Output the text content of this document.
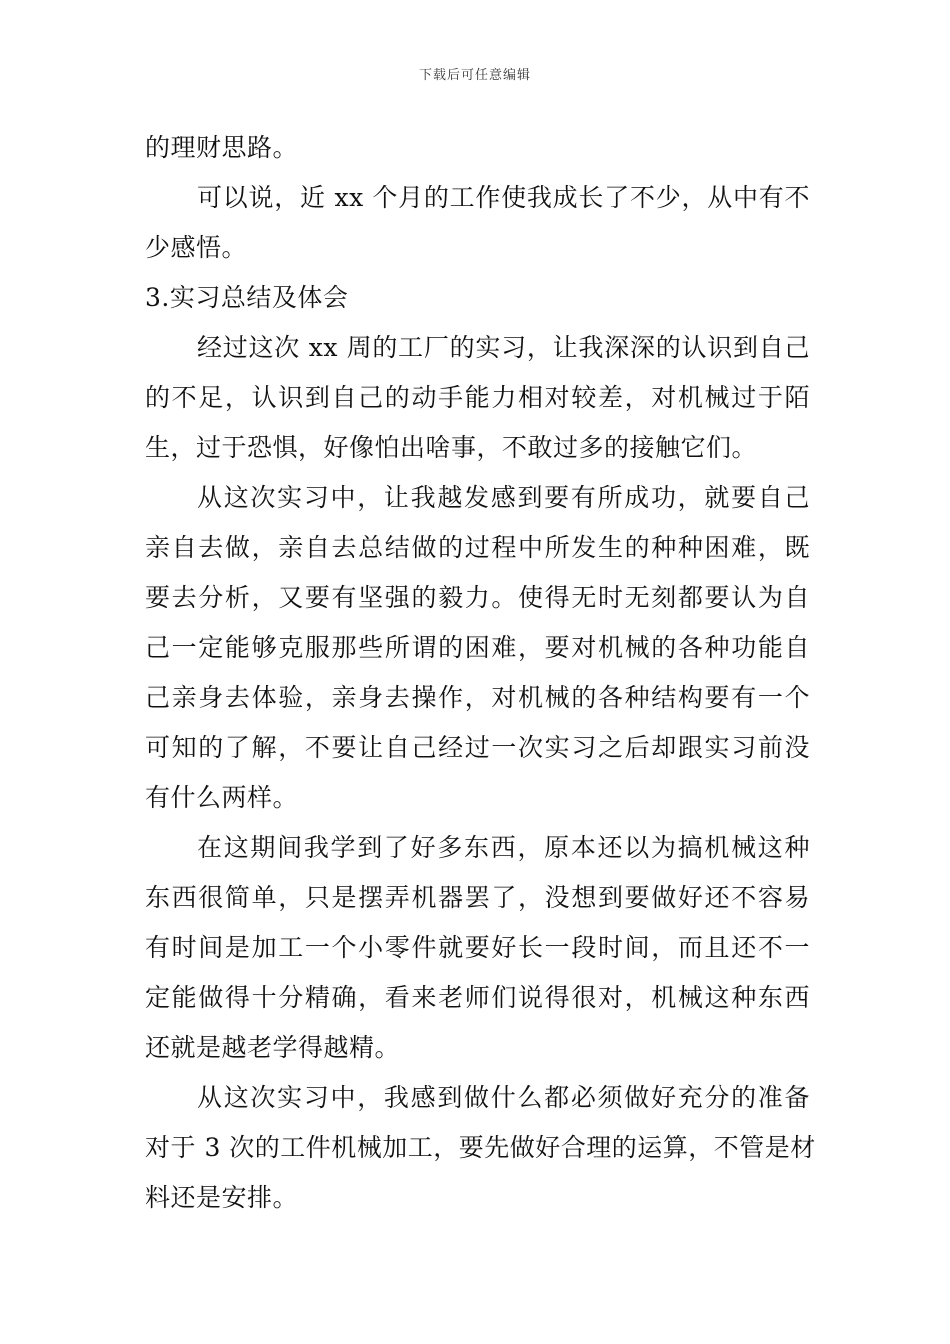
下载后可任意编辑
的理财思路。
可以说，近 xx 个月的工作使我成长了不少，从中有不
少感悟。
3.实习总结及体会
经过这次 xx 周的工厂的实习，让我深深的认识到自己
的不足，认识到自己的动手能力相对较差，对机械过于陌
生，过于恐惧，好像怕出啥事，不敢过多的接触它们。
从这次实习中，让我越发感到要有所成功，就要自己
亲自去做，亲自去总结做的过程中所发生的种种困难，既
要去分析，又要有坚强的毅力。使得无时无刻都要认为自
己一定能够克服那些所谓的困难，要对机械的各种功能自
己亲身去体验，亲身去操作，对机械的各种结构要有一个
可知的了解，不要让自己经过一次实习之后却跟实习前没
有什么两样。
在这期间我学到了好多东西，原本还以为搞机械这种
东西很简单，只是摆弄机器罢了，没想到要做好还不容易
有时间是加工一个小零件就要好长一段时间，而且还不一
定能做得十分精确，看来老师们说得很对，机械这种东西
还就是越老学得越精。
从这次实习中，我感到做什么都必须做好充分的准备
对于 3 次的工件机械加工，要先做好合理的运算，不管是材
料还是安排。
